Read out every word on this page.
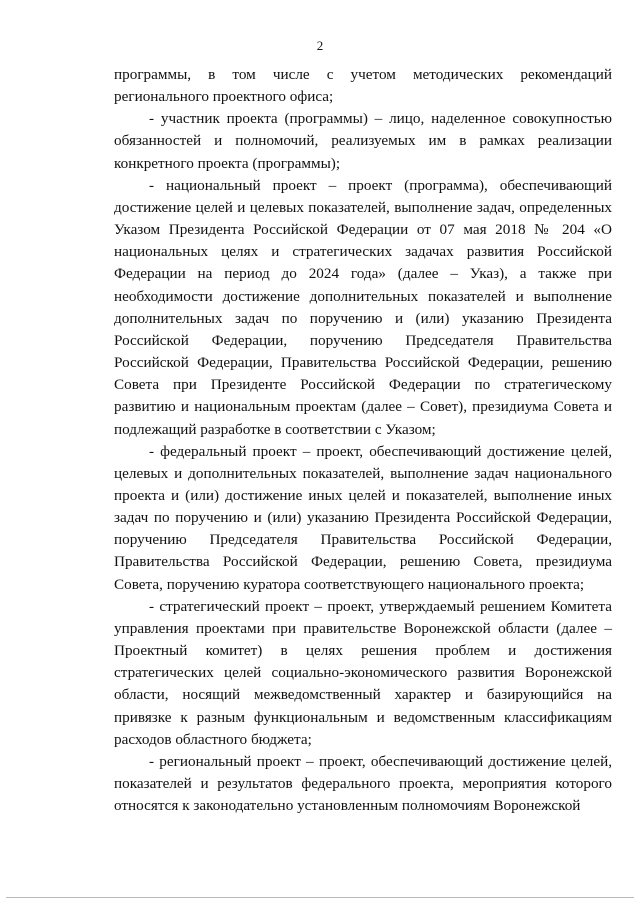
2

программы, в том числе с учетом методических рекомендаций регионального проектного офиса;

- участник проекта (программы) – лицо, наделенное совокупностью обязанностей и полномочий, реализуемых им в рамках реализации конкретного проекта (программы);

- национальный проект – проект (программа), обеспечивающий достижение целей и целевых показателей, выполнение задач, определенных Указом Президента Российской Федерации от 07 мая 2018 № 204 «О национальных целях и стратегических задачах развития Российской Федерации на период до 2024 года» (далее – Указ), а также при необходимости достижение дополнительных показателей и выполнение дополнительных задач по поручению и (или) указанию Президента Российской Федерации, поручению Председателя Правительства Российской Федерации, Правительства Российской Федерации, решению Совета при Президенте Российской Федерации по стратегическому развитию и национальным проектам (далее – Совет), президиума Совета и подлежащий разработке в соответствии с Указом;

- федеральный проект – проект, обеспечивающий достижение целей, целевых и дополнительных показателей, выполнение задач национального проекта и (или) достижение иных целей и показателей, выполнение иных задач по поручению и (или) указанию Президента Российской Федерации, поручению Председателя Правительства Российской Федерации, Правительства Российской Федерации, решению Совета, президиума Совета, поручению куратора соответствующего национального проекта;

- стратегический проект – проект, утверждаемый решением Комитета управления проектами при правительстве Воронежской области (далее – Проектный комитет) в целях решения проблем и достижения стратегических целей социально-экономического развития Воронежской области, носящий межведомственный характер и базирующийся на привязке к разным функциональным и ведомственным классификациям расходов областного бюджета;

- региональный проект – проект, обеспечивающий достижение целей, показателей и результатов федерального проекта, мероприятия которого относятся к законодательно установленным полномочиям Воронежской
